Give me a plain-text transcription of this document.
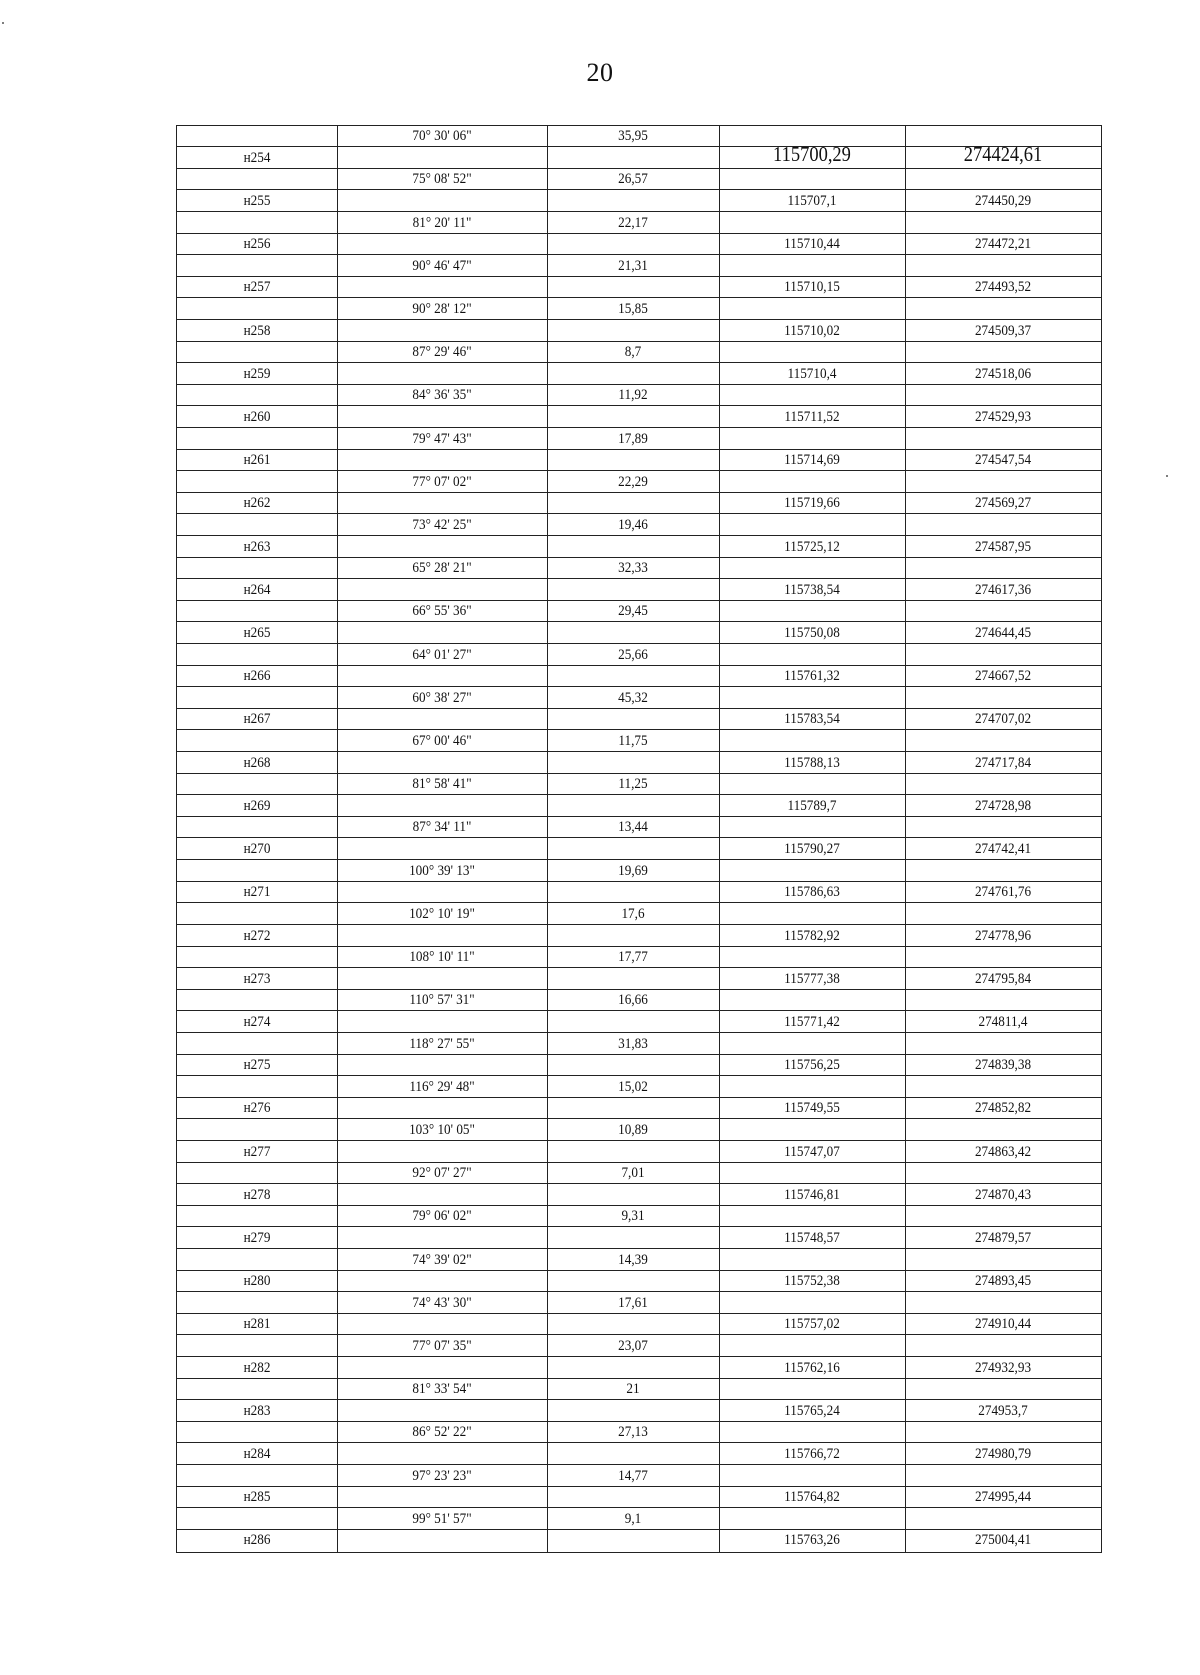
20
70° 30' 06"	35,95
н254	115700,29	274424,61
75° 08' 52"	26,57
н255	115707,1	274450,29
81° 20' 11"	22,17
н256	115710,44	274472,21
90° 46' 47"	21,31
н257	115710,15	274493,52
90° 28' 12"	15,85
н258	115710,02	274509,37
87° 29' 46"	8,7
н259	115710,4	274518,06
84° 36' 35"	11,92
н260	115711,52	274529,93
79° 47' 43"	17,89
н261	115714,69	274547,54
77° 07' 02"	22,29
н262	115719,66	274569,27
73° 42' 25"	19,46
н263	115725,12	274587,95
65° 28' 21"	32,33
н264	115738,54	274617,36
66° 55' 36"	29,45
н265	115750,08	274644,45
64° 01' 27"	25,66
н266	115761,32	274667,52
60° 38' 27"	45,32
н267	115783,54	274707,02
67° 00' 46"	11,75
н268	115788,13	274717,84
81° 58' 41"	11,25
н269	115789,7	274728,98
87° 34' 11"	13,44
н270	115790,27	274742,41
100° 39' 13"	19,69
н271	115786,63	274761,76
102° 10' 19"	17,6
н272	115782,92	274778,96
108° 10' 11"	17,77
н273	115777,38	274795,84
110° 57' 31"	16,66
н274	115771,42	274811,4
118° 27' 55"	31,83
н275	115756,25	274839,38
116° 29' 48"	15,02
н276	115749,55	274852,82
103° 10' 05"	10,89
н277	115747,07	274863,42
92° 07' 27"	7,01
н278	115746,81	274870,43
79° 06' 02"	9,31
н279	115748,57	274879,57
74° 39' 02"	14,39
н280	115752,38	274893,45
74° 43' 30"	17,61
н281	115757,02	274910,44
77° 07' 35"	23,07
н282	115762,16	274932,93
81° 33' 54"	21
н283	115765,24	274953,7
86° 52' 22"	27,13
н284	115766,72	274980,79
97° 23' 23"	14,77
н285	115764,82	274995,44
99° 51' 57"	9,1
н286	115763,26	275004,41
